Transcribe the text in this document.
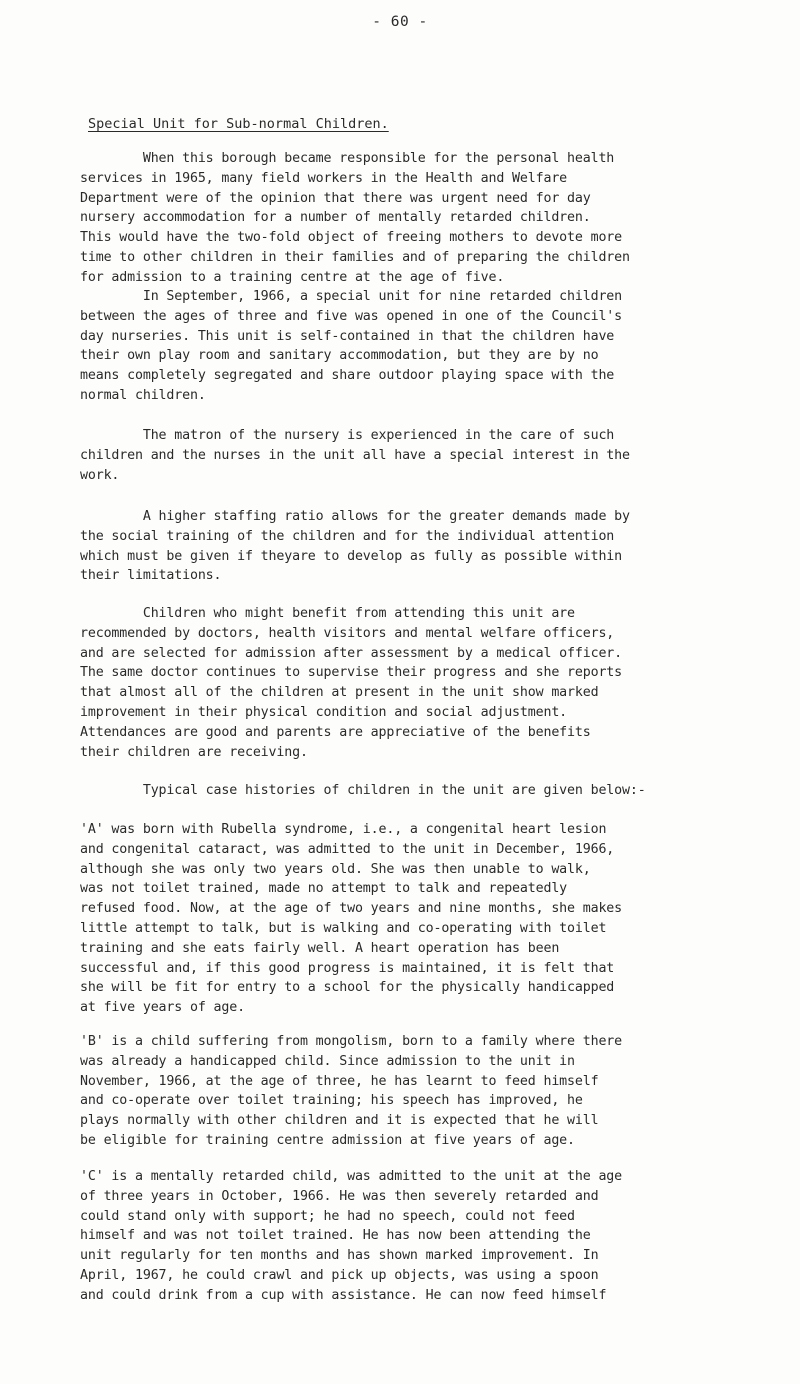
- 60 -
Special Unit for Sub-normal Children.

When this borough became responsible for the personal health
services in 1965, many field workers in the Health and Welfare
Department were of the opinion that there was urgent need for day
nursery accommodation for a number of mentally retarded children.
This would have the two-fold object of freeing mothers to devote more
time to other children in their families and of preparing the children
for admission to a training centre at the age of five.

In September, 1966, a special unit for nine retarded children
between the ages of three and five was opened in one of the Council's
day nurseries. This unit is self-contained in that the children have
their own play room and sanitary accommodation, but they are by no
means completely segregated and share outdoor playing space with the
normal children.

The matron of the nursery is experienced in the care of such
children and the nurses in the unit all have a special interest in the
work.

A higher staffing ratio allows for the greater demands made by
the social training of the children and for the individual attention
which must be given if theyare to develop as fully as possible within
their limitations.

Children who might benefit from attending this unit are
recommended by doctors, health visitors and mental welfare officers,
and are selected for admission after assessment by a medical officer.
The same doctor continues to supervise their progress and she reports
that almost all of the children at present in the unit show marked
improvement in their physical condition and social adjustment.
Attendances are good and parents are appreciative of the benefits
their children are receiving.

Typical case histories of children in the unit are given below:-

'A' was born with Rubella syndrome, i.e., a congenital heart lesion
and congenital cataract, was admitted to the unit in December, 1966,
although she was only two years old. She was then unable to walk,
was not toilet trained, made no attempt to talk and repeatedly
refused food. Now, at the age of two years and nine months, she makes
little attempt to talk, but is walking and co-operating with toilet
training and she eats fairly well. A heart operation has been
successful and, if this good progress is maintained, it is felt that
she will be fit for entry to a school for the physically handicapped
at five years of age.

'B' is a child suffering from mongolism, born to a family where there
was already a handicapped child. Since admission to the unit in
November, 1966, at the age of three, he has learnt to feed himself
and co-operate over toilet training; his speech has improved, he
plays normally with other children and it is expected that he will
be eligible for training centre admission at five years of age.

'C' is a mentally retarded child, was admitted to the unit at the age
of three years in October, 1966. He was then severely retarded and
could stand only with support; he had no speech, could not feed
himself and was not toilet trained. He has now been attending the
unit regularly for ten months and has shown marked improvement. In
April, 1967, he could crawl and pick up objects, was using a spoon
and could drink from a cup with assistance. He can now feed himself
